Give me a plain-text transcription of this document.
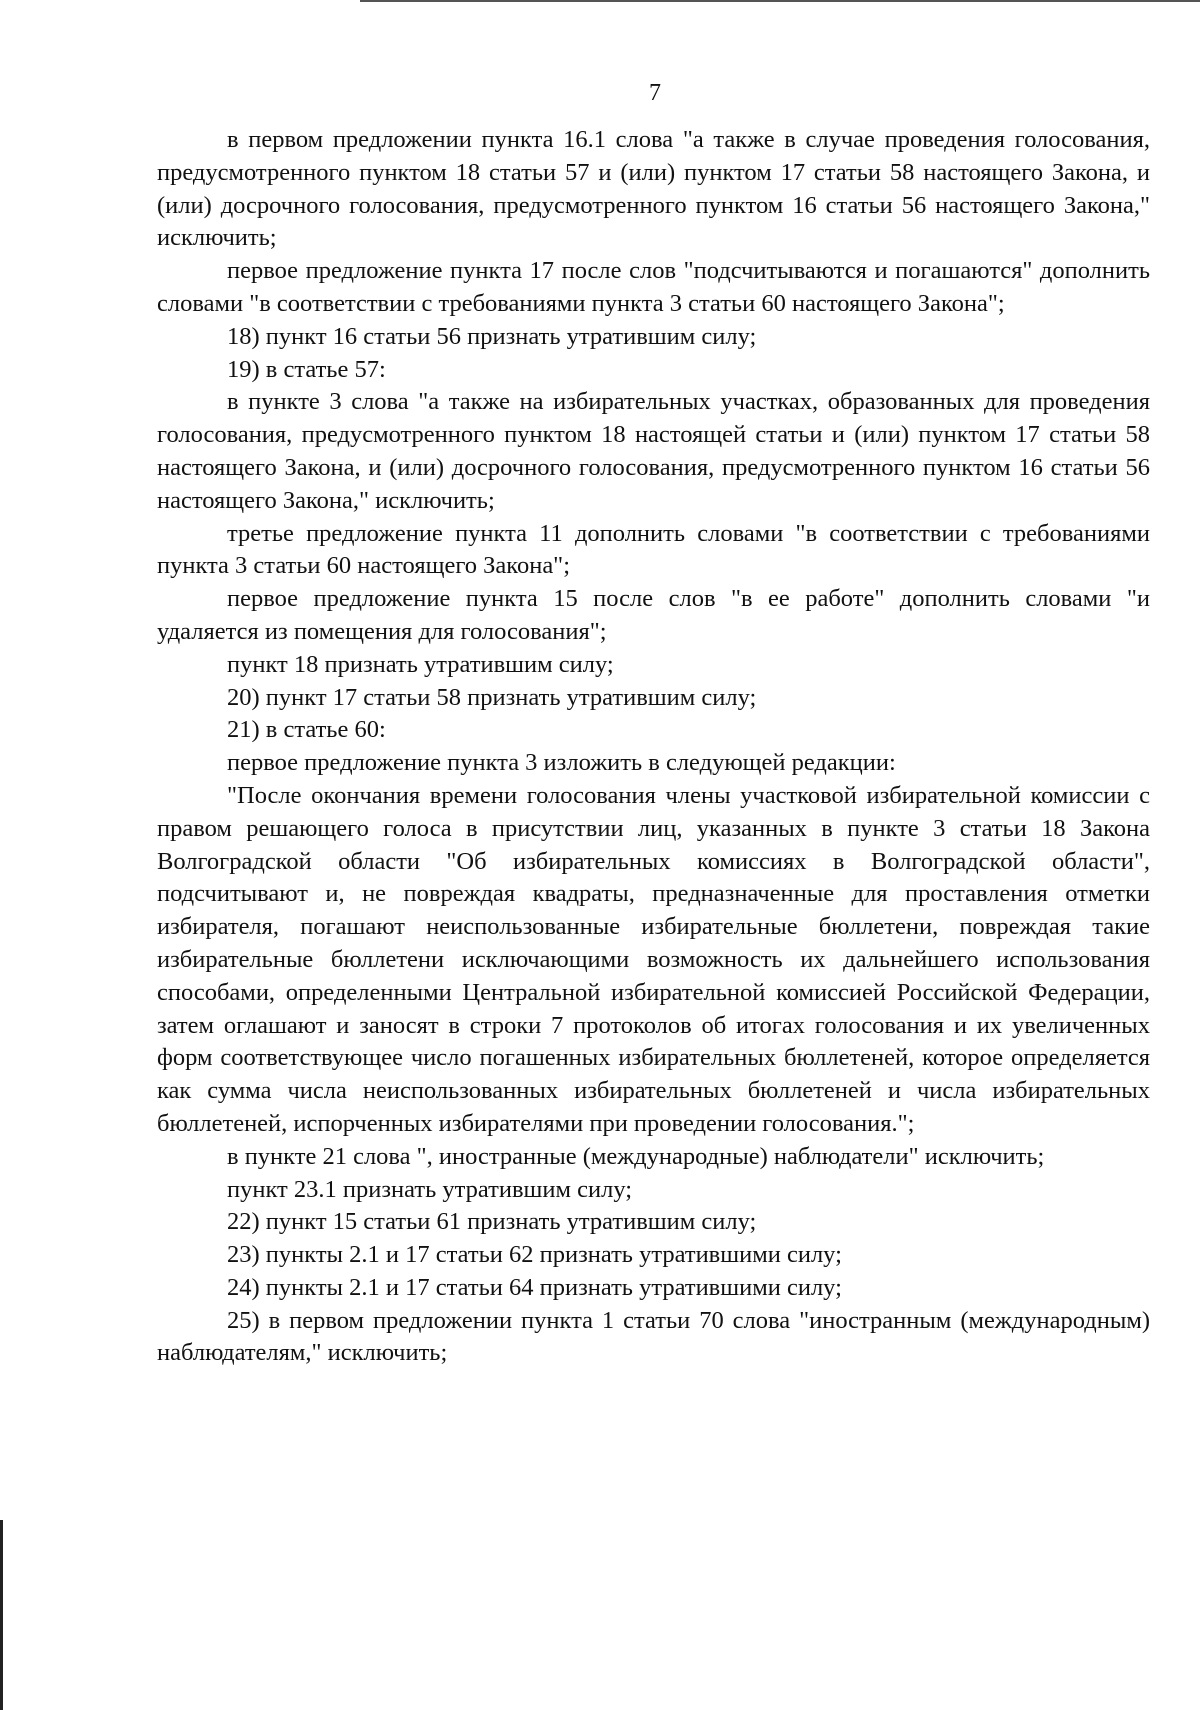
7

в первом предложении пункта 16.1 слова "а также в случае проведения голосования, предусмотренного пунктом 18 статьи 57 и (или) пунктом 17 статьи 58 настоящего Закона, и (или) досрочного голосования, предусмотренного пунктом 16 статьи 56 настоящего Закона," исключить;

первое предложение пункта 17 после слов "подсчитываются и погашаются" дополнить словами "в соответствии с требованиями пункта 3 статьи 60 настоящего Закона";

18) пункт 16 статьи 56 признать утратившим силу;

19) в статье 57:

в пункте 3 слова "а также на избирательных участках, образованных для проведения голосования, предусмотренного пунктом 18 настоящей статьи и (или) пунктом 17 статьи 58 настоящего Закона, и (или) досрочного голосования, предусмотренного пунктом 16 статьи 56 настоящего Закона," исключить;

третье предложение пункта 11 дополнить словами "в соответствии с требованиями пункта 3 статьи 60 настоящего Закона";

первое предложение пункта 15 после слов "в ее работе" дополнить словами "и удаляется из помещения для голосования";

пункт 18 признать утратившим силу;

20) пункт 17 статьи 58 признать утратившим силу;

21) в статье 60:

первое предложение пункта 3 изложить в следующей редакции:

"После окончания времени голосования члены участковой избирательной комиссии с правом решающего голоса в присутствии лиц, указанных в пункте 3 статьи 18 Закона Волгоградской области "Об избирательных комиссиях в Волгоградской области", подсчитывают и, не повреждая квадраты, предназначенные для проставления отметки избирателя, погашают неиспользованные избирательные бюллетени, повреждая такие избирательные бюллетени исключающими возможность их дальнейшего использования способами, определенными Центральной избирательной комиссией Российской Федерации, затем оглашают и заносят в строки 7 протоколов об итогах голосования и их увеличенных форм соответствующее число погашенных избирательных бюллетеней, которое определяется как сумма числа неиспользованных избирательных бюллетеней и числа избирательных бюллетеней, испорченных избирателями при проведении голосования.";

в пункте 21 слова ", иностранные (международные) наблюдатели" исключить;

пункт 23.1 признать утратившим силу;

22) пункт 15 статьи 61 признать утратившим силу;

23) пункты 2.1 и 17 статьи 62 признать утратившими силу;

24) пункты 2.1 и 17 статьи 64 признать утратившими силу;

25) в первом предложении пункта 1 статьи 70 слова "иностранным (международным) наблюдателям," исключить;
